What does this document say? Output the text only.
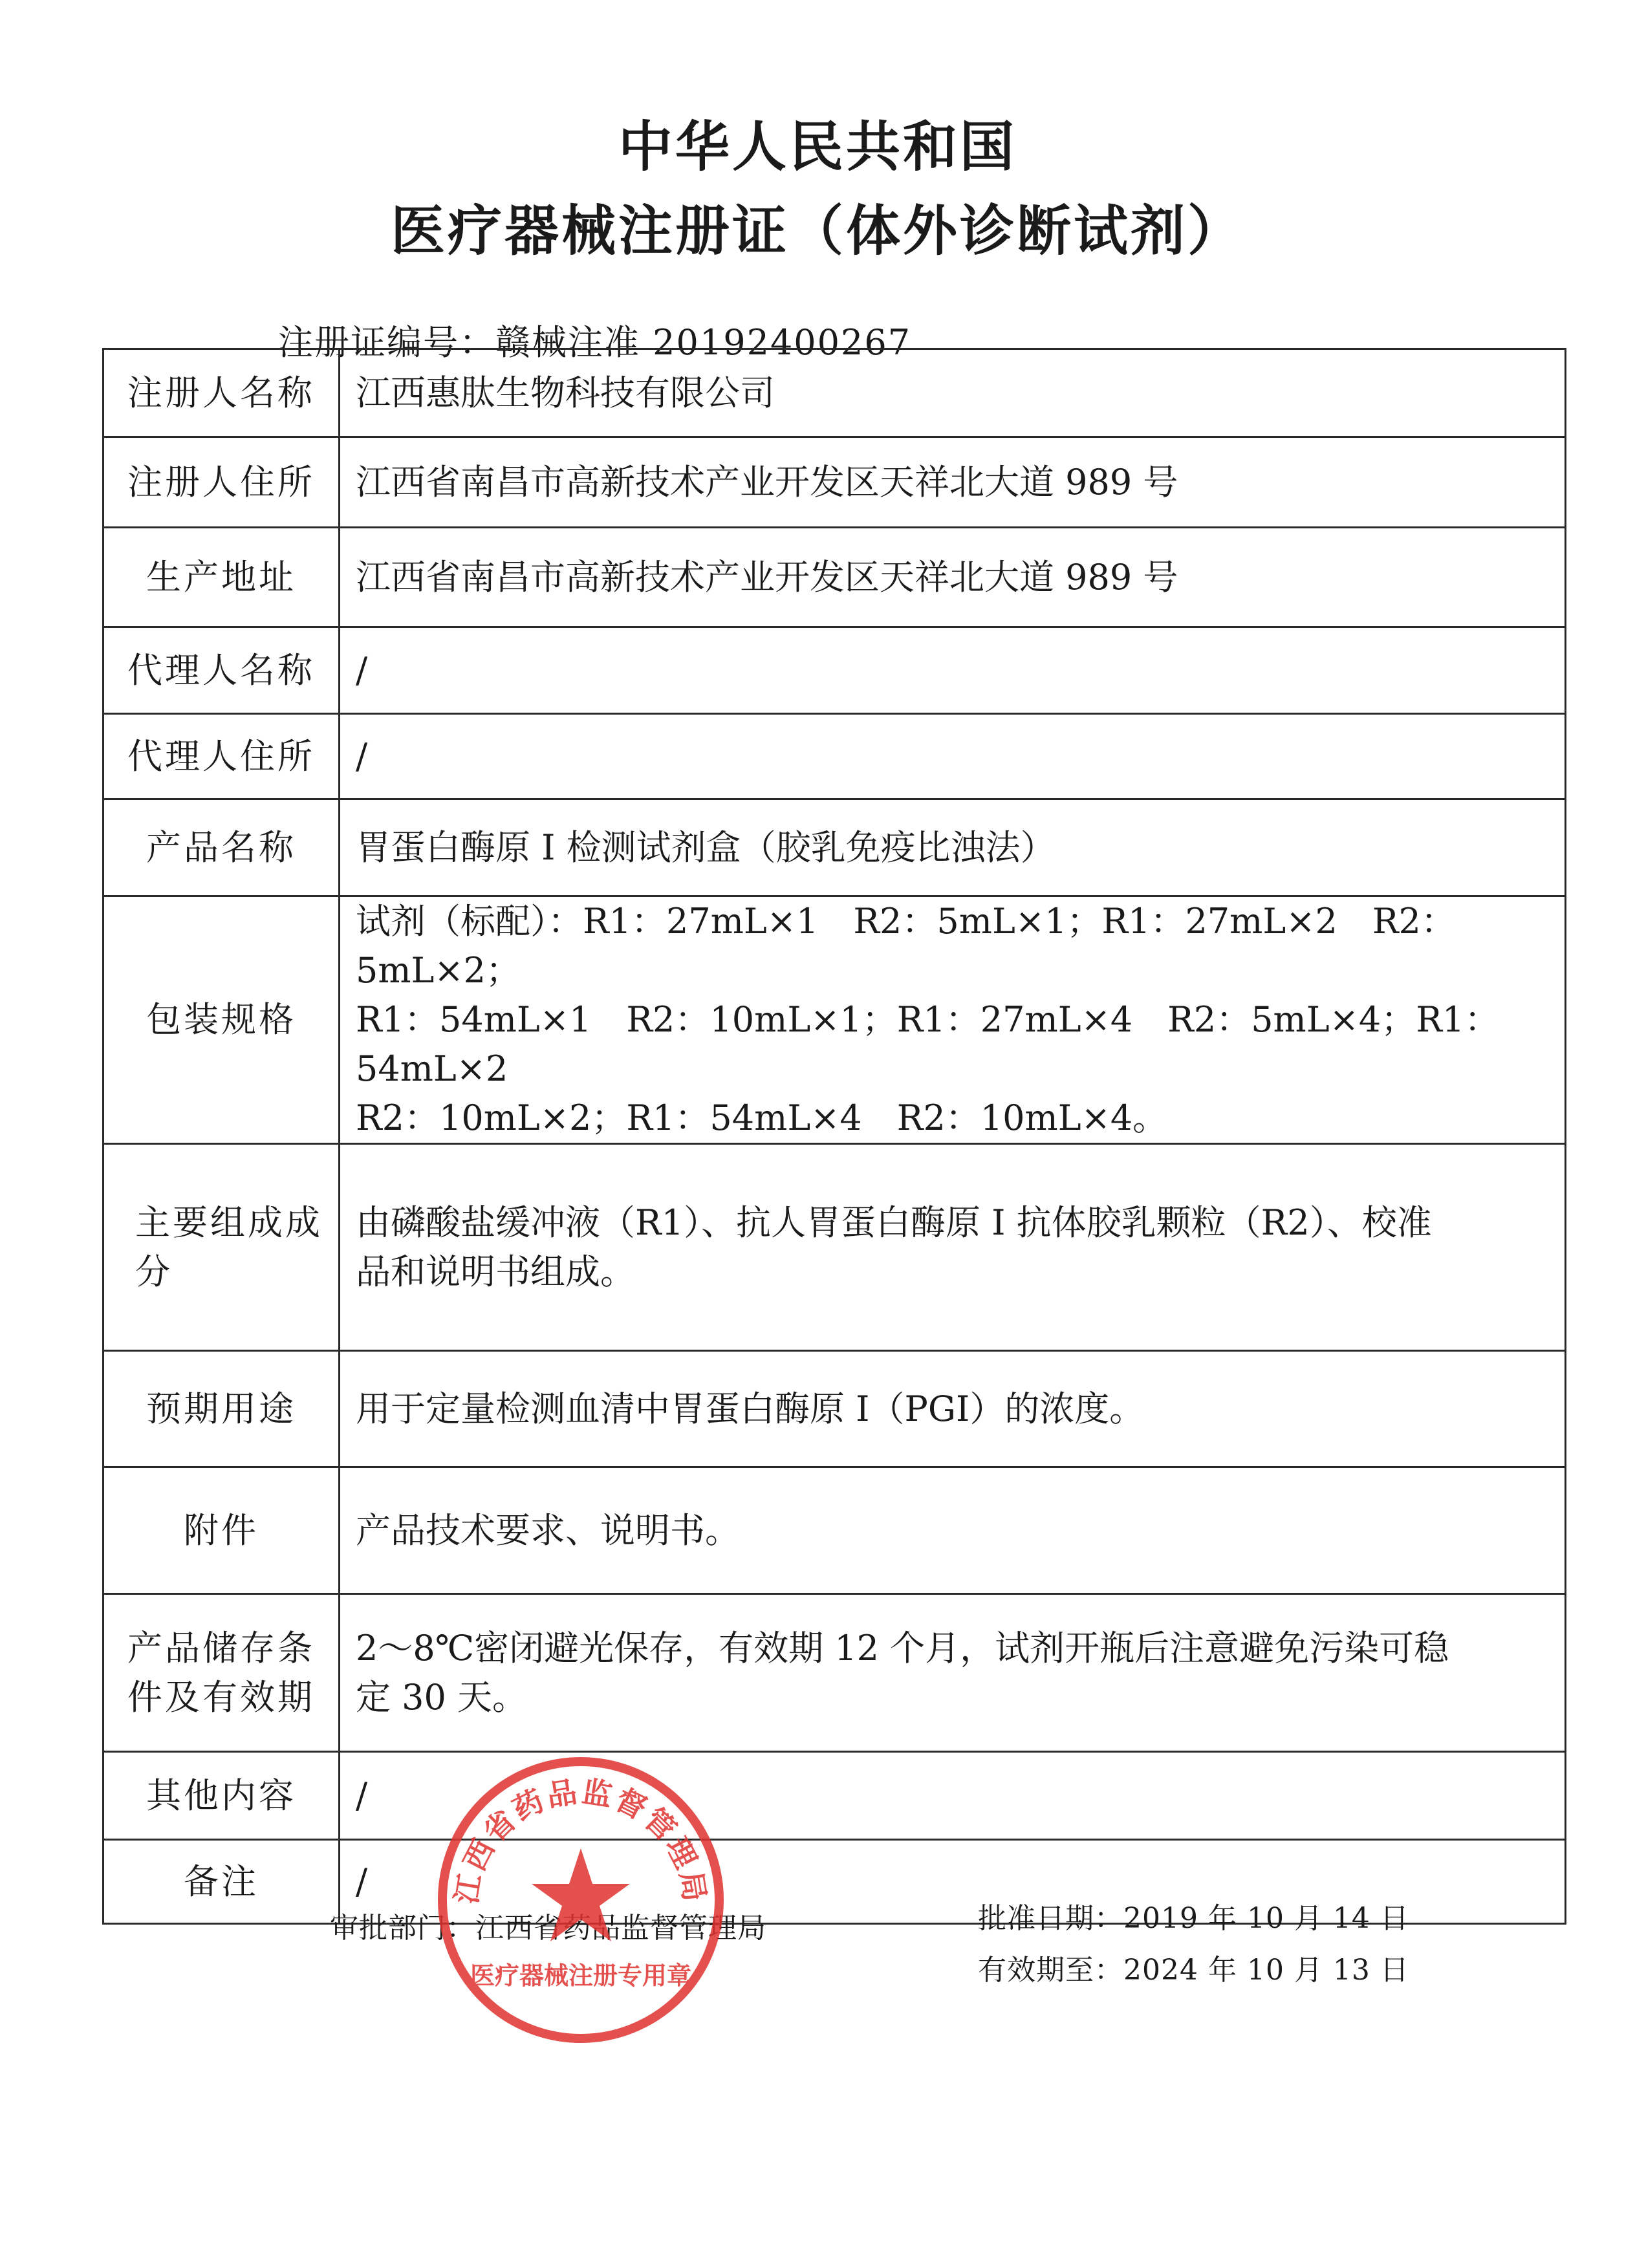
中华人民共和国
医疗器械注册证（体外诊断试剂）
注册证编号：赣械注准 20192400267
注册人名称	江西惠肽生物科技有限公司

注册人住所	江西省南昌市高新技术产业开发区天祥北大道 989 号

生产地址	江西省南昌市高新技术产业开发区天祥北大道 989 号

代理人名称	/

代理人住所	/

产品名称	胃蛋白酶原 I 检测试剂盒（胶乳免疫比浊法）

包装规格	试剂（标配）：R1：27mL×1　R2：5mL×1；R1：27mL×2　R2：5mL×2；
R1：54mL×1　R2：10mL×1；R1：27mL×4　R2：5mL×4；R1：54mL×2
R2：10mL×2；R1：54mL×4　R2：10mL×4。

主要组成成分	由磷酸盐缓冲液（R1）、抗人胃蛋白酶原 I 抗体胶乳颗粒（R2）、校准
品和说明书组成。

预期用途	用于定量检测血清中胃蛋白酶原 I（PGI）的浓度。

附件	产品技术要求、说明书。

产品储存条件及有效期	2～8℃密闭避光保存，有效期 12 个月，试剂开瓶后注意避免污染可稳
定 30 天。

其他内容	/

备注	/
审批部门：江西省药品监督管理局	批准日期：2019 年 10 月 14 日
有效期至：2024 年 10 月 13 日
江西省药品监督管理局
医疗器械注册专用章
